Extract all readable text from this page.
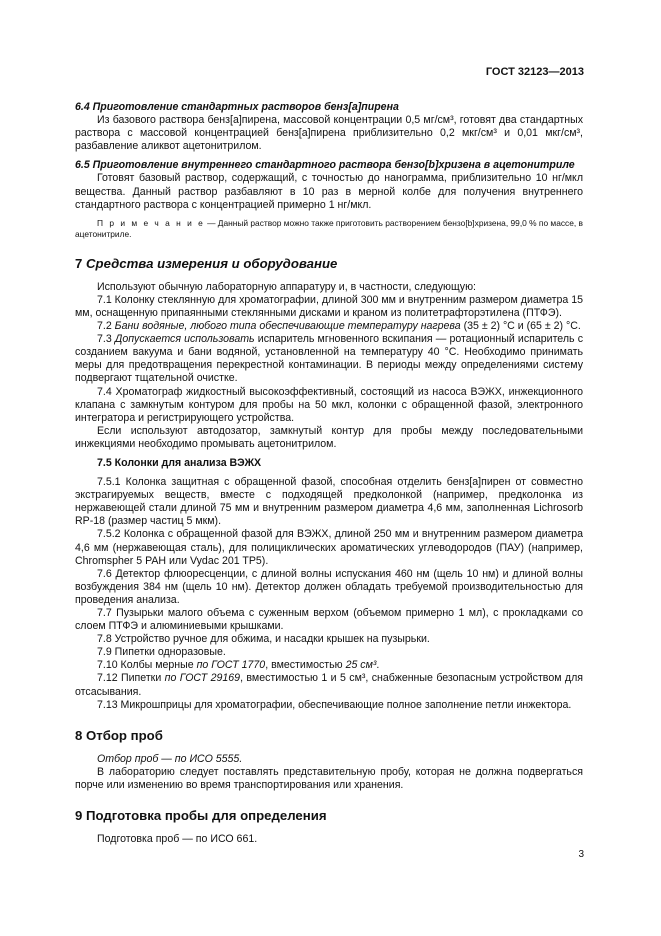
ГОСТ 32123—2013

6.4 Приготовление стандартных растворов бенз[а]пирена

Из базового раствора бенз[а]пирена, массовой концентрации 0,5 мг/см³, готовят два стандартных раствора с массовой концентрацией бенз[а]пирена приблизительно 0,2 мкг/см³ и 0,01 мкг/см³, разбавление аликвот ацетонитрилом.

6.5 Приготовление внутреннего стандартного раствора бензо[b]хризена в ацетонитриле

Готовят базовый раствор, содержащий, с точностью до нанограмма, приблизительно 10 нг/мкл вещества. Данный раствор разбавляют в 10 раз в мерной колбе для получения внутреннего стандартного раствора с концентрацией примерно 1 нг/мкл.

П р и м е ч а н и е — Данный раствор можно также приготовить растворением бензо[b]хризена, 99,0 % по массе, в ацетонитриле.

7 Средства измерения и оборудование

Используют обычную лабораторную аппаратуру и, в частности, следующую:

7.1 Колонку стеклянную для хроматографии, длиной 300 мм и внутренним размером диаметра 15 мм, оснащенную припаянными стеклянными дисками и краном из политетрафторэтилена (ПТФЭ).

7.2 Бани водяные, любого типа обеспечивающие температуру нагрева (35 ± 2) °С и (65 ± 2) °С.

7.3 Допускается использовать испаритель мгновенного вскипания — ротационный испаритель с созданием вакуума и бани водяной, установленной на температуру 40 °С. Необходимо принимать меры для предотвращения перекрестной контаминации. В периоды между определениями систему подвергают тщательной очистке.

7.4 Хроматограф жидкостный высокоэффективный, состоящий из насоса ВЭЖХ, инжекционного клапана с замкнутым контуром для пробы на 50 мкл, колонки с обращенной фазой, электронного интегратора и регистрирующего устройства.

Если используют автодозатор, замкнутый контур для пробы между последовательными инжекциями необходимо промывать ацетонитрилом.

7.5 Колонки для анализа ВЭЖХ

7.5.1 Колонка защитная с обращенной фазой, способная отделить бенз[а]пирен от совместно экстрагируемых веществ, вместе с подходящей предколонкой (например, предколонка из нержавеющей стали длиной 75 мм и внутренним размером диаметра 4,6 мм, заполненная Lichrosorb RP-18 (размер частиц 5 мкм).

7.5.2 Колонка с обращенной фазой для ВЭЖХ, длиной 250 мм и внутренним размером диаметра 4,6 мм (нержавеющая сталь), для полициклических ароматических углеводородов (ПАУ) (например, Chromspher 5 PAH или Vydac 201 TP5).

7.6 Детектор флюоресценции, с длиной волны испускания 460 нм (щель 10 нм) и длиной волны возбуждения 384 нм (щель 10 нм). Детектор должен обладать требуемой производительностью для проведения анализа.

7.7 Пузырьки малого объема с суженным верхом (объемом примерно 1 мл), с прокладками со слоем ПТФЭ и алюминиевыми крышками.

7.8 Устройство ручное для обжима, и насадки крышек на пузырьки.

7.9 Пипетки одноразовые.

7.10 Колбы мерные по ГОСТ 1770, вместимостью 25 см³.

7.12 Пипетки по ГОСТ 29169, вместимостью 1 и 5 см³, снабженные безопасным устройством для отсасывания.

7.13 Микрошприцы для хроматографии, обеспечивающие полное заполнение петли инжектора.

8 Отбор проб

Отбор проб — по ИСО 5555.

В лабораторию следует поставлять представительную пробу, которая не должна подвергаться порче или изменению во время транспортирования или хранения.

9 Подготовка пробы для определения

Подготовка проб — по ИСО 661.

3
